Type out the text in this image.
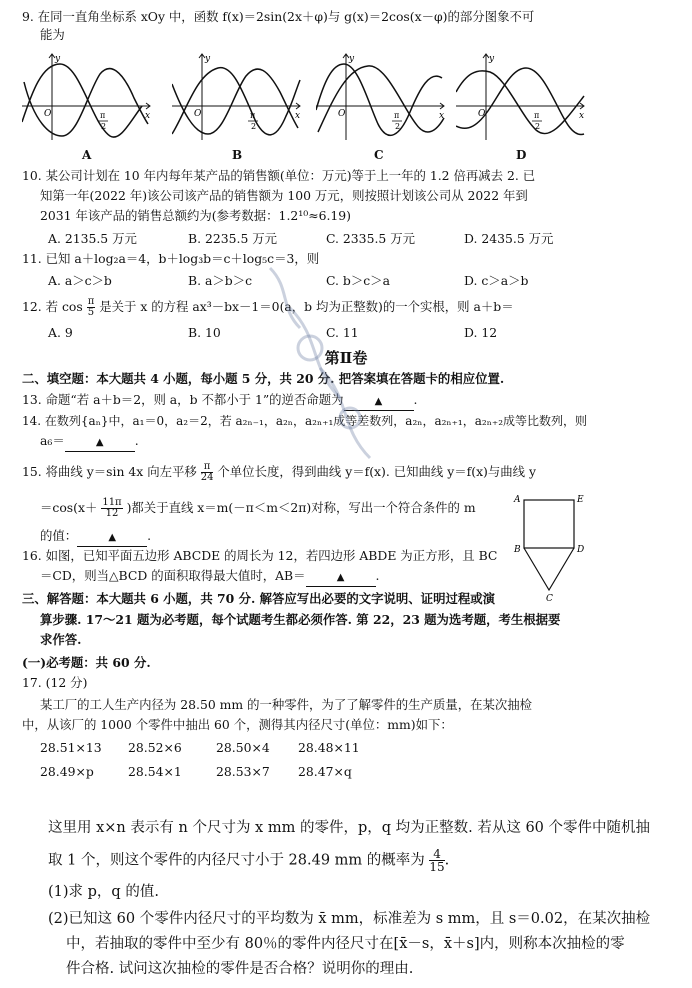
9. 在同一直角坐标系 xOy 中，函数 f(x)＝2sin(2x＋φ)与 g(x)＝2cos(x－φ)的部分图象不可
能为
O
y
x
π
2
A
O
y
x
π
2
B
O
y
x
π
2
C
O
y
x
π
2
D
10. 某公司计划在 10 年内每年某产品的销售额(单位：万元)等于上一年的 1.2 倍再减去 2. 已
知第一年(2022 年)该公司该产品的销售额为 100 万元，则按照计划该公司从 2022 年到
2031 年该产品的销售总额约为(参考数据：1.2¹⁰≈6.19)
A. 2135.5 万元	B. 2235.5 万元	C. 2335.5 万元	D. 2435.5 万元
11. 已知 a＋log₂a＝4，b＋log₃b＝c＋log₅c＝3，则
A. a＞c＞b	B. a＞b＞c	C. b＞c＞a	D. c＞a＞b
12. 若 $\cos \frac{\pi}{5}$ 是关于 x 的方程 ax³－bx－1＝0(a，b 均为正整数)的一个实根，则 a＋b＝
A. 9	B. 10	C. 11	D. 12
第Ⅱ卷
二、填空题：本大题共 4 小题，每小题 5 分，共 20 分. 把答案填在答题卡的相应位置.
13. 命题“若 a＋b＝2，则 a，b 不都小于 1”的逆否命题为	▲	.
14. 在数列{aₙ}中，a₁＝0，a₂＝2，若 a₂ₙ₋₁，a₂ₙ，a₂ₙ₊₁成等差数列，a₂ₙ，a₂ₙ₊₁，a₂ₙ₊₂成等比数列，则
a₆＝	▲	.
15. 将曲线 y＝sin 4x 向左平移 $\frac{\pi}{24}$ 个单位长度，得到曲线 y＝f(x). 已知曲线 y＝f(x)与曲线 y
$=\cos(x+ \frac{11\pi}{12}$ )都关于直线 x＝m(－π＜m＜2π)对称，写出一个符合条件的 m
的值：	▲	.
A	E
B	D
C
16. 如图，已知平面五边形 ABCDE 的周长为 12，若四边形 ABDE 为正方形，且 BC
＝CD，则当△BCD 的面积取得最大值时，AB＝	▲	.
三、解答题：本大题共 6 小题，共 70 分. 解答应写出必要的文字说明、证明过程或演
算步骤. 17～21 题为必考题，每个试题考生都必须作答. 第 22，23 题为选考题，考生根据要
求作答.
(一)必考题：共 60 分.
17. (12 分)
某工厂的工人生产内径为 28.50 mm 的一种零件，为了了解零件的生产质量，在某次抽检
中，从该厂的 1000 个零件中抽出 60 个，测得其内径尺寸(单位：mm)如下：
28.51×13 28.52×6	28.50×4 28.48×11
28.49×p	28.54×1	28.53×7 28.47×q
这里用 x×n 表示有 n 个尺寸为 x mm 的零件，p，q 均为正整数. 若从这 60 个零件中随机抽
取 1 个，则这个零件的内径尺寸小于 28.49 mm 的概率为 $\frac{4}{15}$ .
(1)求 p，q 的值.
(2)已知这 60 个零件内径尺寸的平均数为 x̄ mm，标准差为 s mm，且 s＝0.02，在某次抽检
中，若抽取的零件中至少有 80％的零件内径尺寸在[x̄－s，x̄＋s]内，则称本次抽检的零
件合格. 试问这次抽检的零件是否合格？说明你的理由.
